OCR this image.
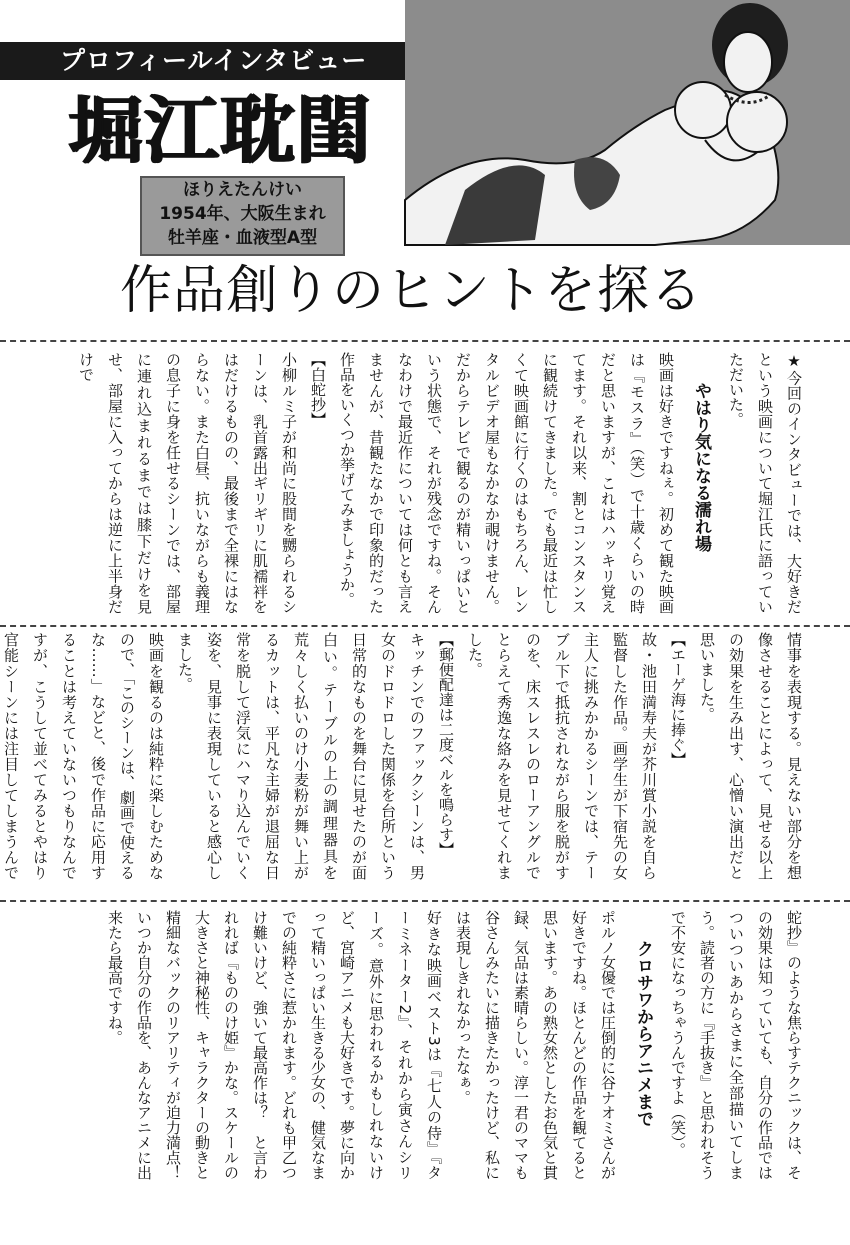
プロフィールインタビュー
堀江耽閨
ほりえたんけい
1954年、大阪生まれ
牡羊座・血液型A型
作品創りのヒントを探る

★今回のインタビューでは、大好きだという映画について堀江氏に語っていただいた。

やはり気になる濡れ場

映画は好きですねぇ。初めて観た映画は『モスラ』（笑）で十歳くらいの時だと思いますが、これはハッキリ覚えてます。それ以来、割とコンスタンスに観続けてきました。でも最近は忙しくて映画館に行くのはもちろん、レンタルビデオ屋もなかなか覗けません。だからテレビで観るのが精いっぱいという状態で、それが残念ですね。そんなわけで最近作については何とも言えませんが、昔観たなかで印象的だった作品をいくつか挙げてみましょうか。

【白蛇抄】

小柳ルミ子が和尚に股間を嬲られるシーンは、乳首露出ギリギリに肌襦袢をはだけるものの、最後まで全裸にはならない。また白昼、抗いながらも義理の息子に身を任せるシーンでは、部屋に連れ込まれるまでは膝下だけを見せ、部屋に入ってからは逆に上半身だけで

情事を表現する。見えない部分を想像させることによって、見せる以上の効果を生み出す、心憎い演出だと思いました。

【エーゲ海に捧ぐ】

故・池田満寿夫が芥川賞小説を自ら監督した作品。画学生が下宿先の女主人に挑みかかるシーンでは、テーブル下で抵抗されながら服を脱がすのを、床スレスレのローアングルでとらえて秀逸な絡みを見せてくれました。

【郵便配達は二度ベルを鳴らす】

キッチンでのファックシーンは、男女のドロドロした関係を台所という日常的なものを舞台に見せたのが面白い。テーブルの上の調理器具を荒々しく払いのけ小麦粉が舞い上がるカットは、平凡な主婦が退屈な日常を脱して浮気にハマり込んでいく姿を、見事に表現していると感心しました。

映画を観るのは純粋に楽しむためなので、「このシーンは、劇画で使えるな……」などと、後で作品に応用することは考えていないつもりなんですが、こうして並べてみるとやはり官能シーンには注目してしまうんで

蛇抄』のような焦らすテクニックは、その効果は知っていても、自分の作品ではついついあからさまに全部描いてしまう。読者の方に『手抜き』と思われそうで不安になっちゃうんですよ（笑）。

クロサワからアニメまで

ポルノ女優では圧倒的に谷ナオミさんが好きですね。ほとんどの作品を観てると思います。あの熟女然としたお色気と貫録、気品は素晴らしい。淳一君のママも谷さんみたいに描きたかったけど、私には表現しきれなかったなぁ。

好きな映画ベスト3は『七人の侍』『ターミネーター2』、それから寅さんシリーズ。意外に思われるかもしれないけど、宮崎アニメも大好きです。夢に向かって精いっぱい生きる少女の、健気なまでの純粋さに惹かれます。どれも甲乙つけ難いけど、強いて最高作は？　と言われれば『もののけ姫』かな。スケールの大きさと神秘性、キャラクターの動きと精細なバックのリアリティが迫力満点！　いつか自分の作品を、あんなアニメに出来たら最高ですね。
